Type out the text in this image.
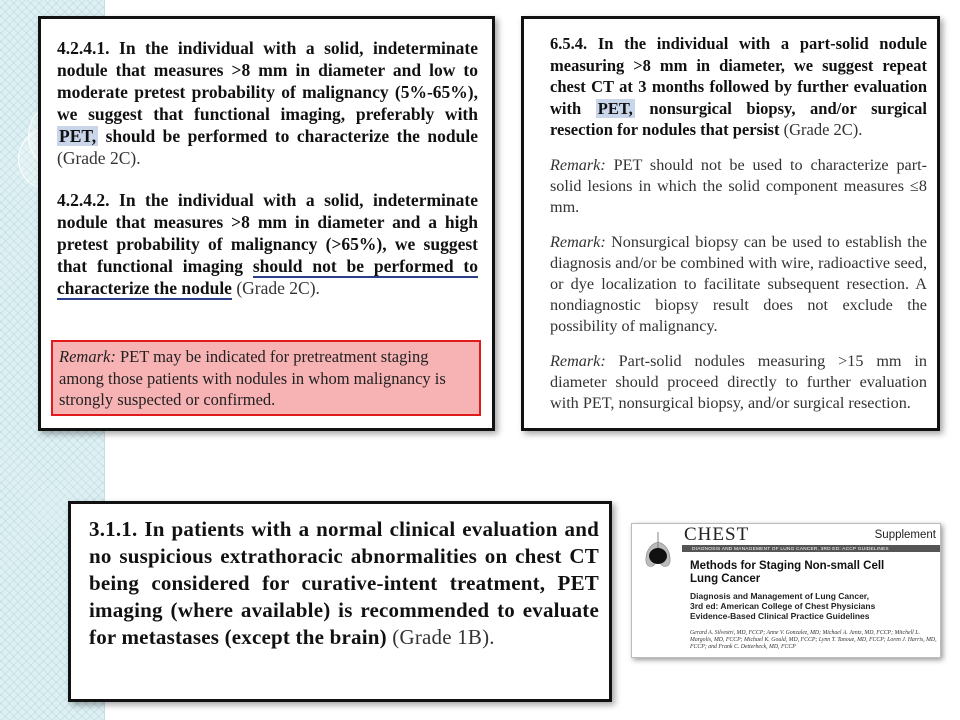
4.2.4.1. In the individual with a solid, indeterminate nodule that measures >8 mm in diameter and low to moderate pretest probability of malignancy (5%-65%), we suggest that functional imaging, preferably with PET, should be performed to characterize the nodule (Grade 2C).

4.2.4.2. In the individual with a solid, indeterminate nodule that measures >8 mm in diameter and a high pretest probability of malignancy (>65%), we suggest that functional imaging should not be performed to characterize the nodule (Grade 2C).

Remark: PET may be indicated for pretreatment staging among those patients with nodules in whom malignancy is strongly suspected or confirmed.

6.5.4. In the individual with a part-solid nodule measuring >8 mm in diameter, we suggest repeat chest CT at 3 months followed by further evaluation with PET, nonsurgical biopsy, and/or surgical resection for nodules that persist (Grade 2C).

Remark: PET should not be used to characterize part-solid lesions in which the solid component measures ≤8 mm.

Remark: Nonsurgical biopsy can be used to establish the diagnosis and/or be combined with wire, radioactive seed, or dye localization to facilitate subsequent resection. A nondiagnostic biopsy result does not exclude the possibility of malignancy.

Remark: Part-solid nodules measuring >15 mm in diameter should proceed directly to further evaluation with PET, nonsurgical biopsy, and/or surgical resection.

3.1.1. In patients with a normal clinical evaluation and no suspicious extrathoracic abnormalities on chest CT being considered for curative-intent treatment, PET imaging (where available) is recommended to evaluate for metastases (except the brain) (Grade 1B).

CHEST	Supplement
DIAGNOSIS AND MANAGEMENT OF LUNG CANCER, 3RD ED: ACCP GUIDELINES
Methods for Staging Non-small Cell
Lung Cancer
Diagnosis and Management of Lung Cancer,
3rd ed: American College of Chest Physicians
Evidence-Based Clinical Practice Guidelines
Gerard A. Silvestri, MD, FCCP; Anne V. Gonzalez, MD; Michael A. Jantz, MD, FCCP; Mitchell L. Margolis, MD, FCCP; Michael K. Gould, MD, FCCP; Lynn T. Tanoue, MD, FCCP; Loren J. Harris, MD, FCCP; and Frank C. Detterbeck, MD, FCCP
